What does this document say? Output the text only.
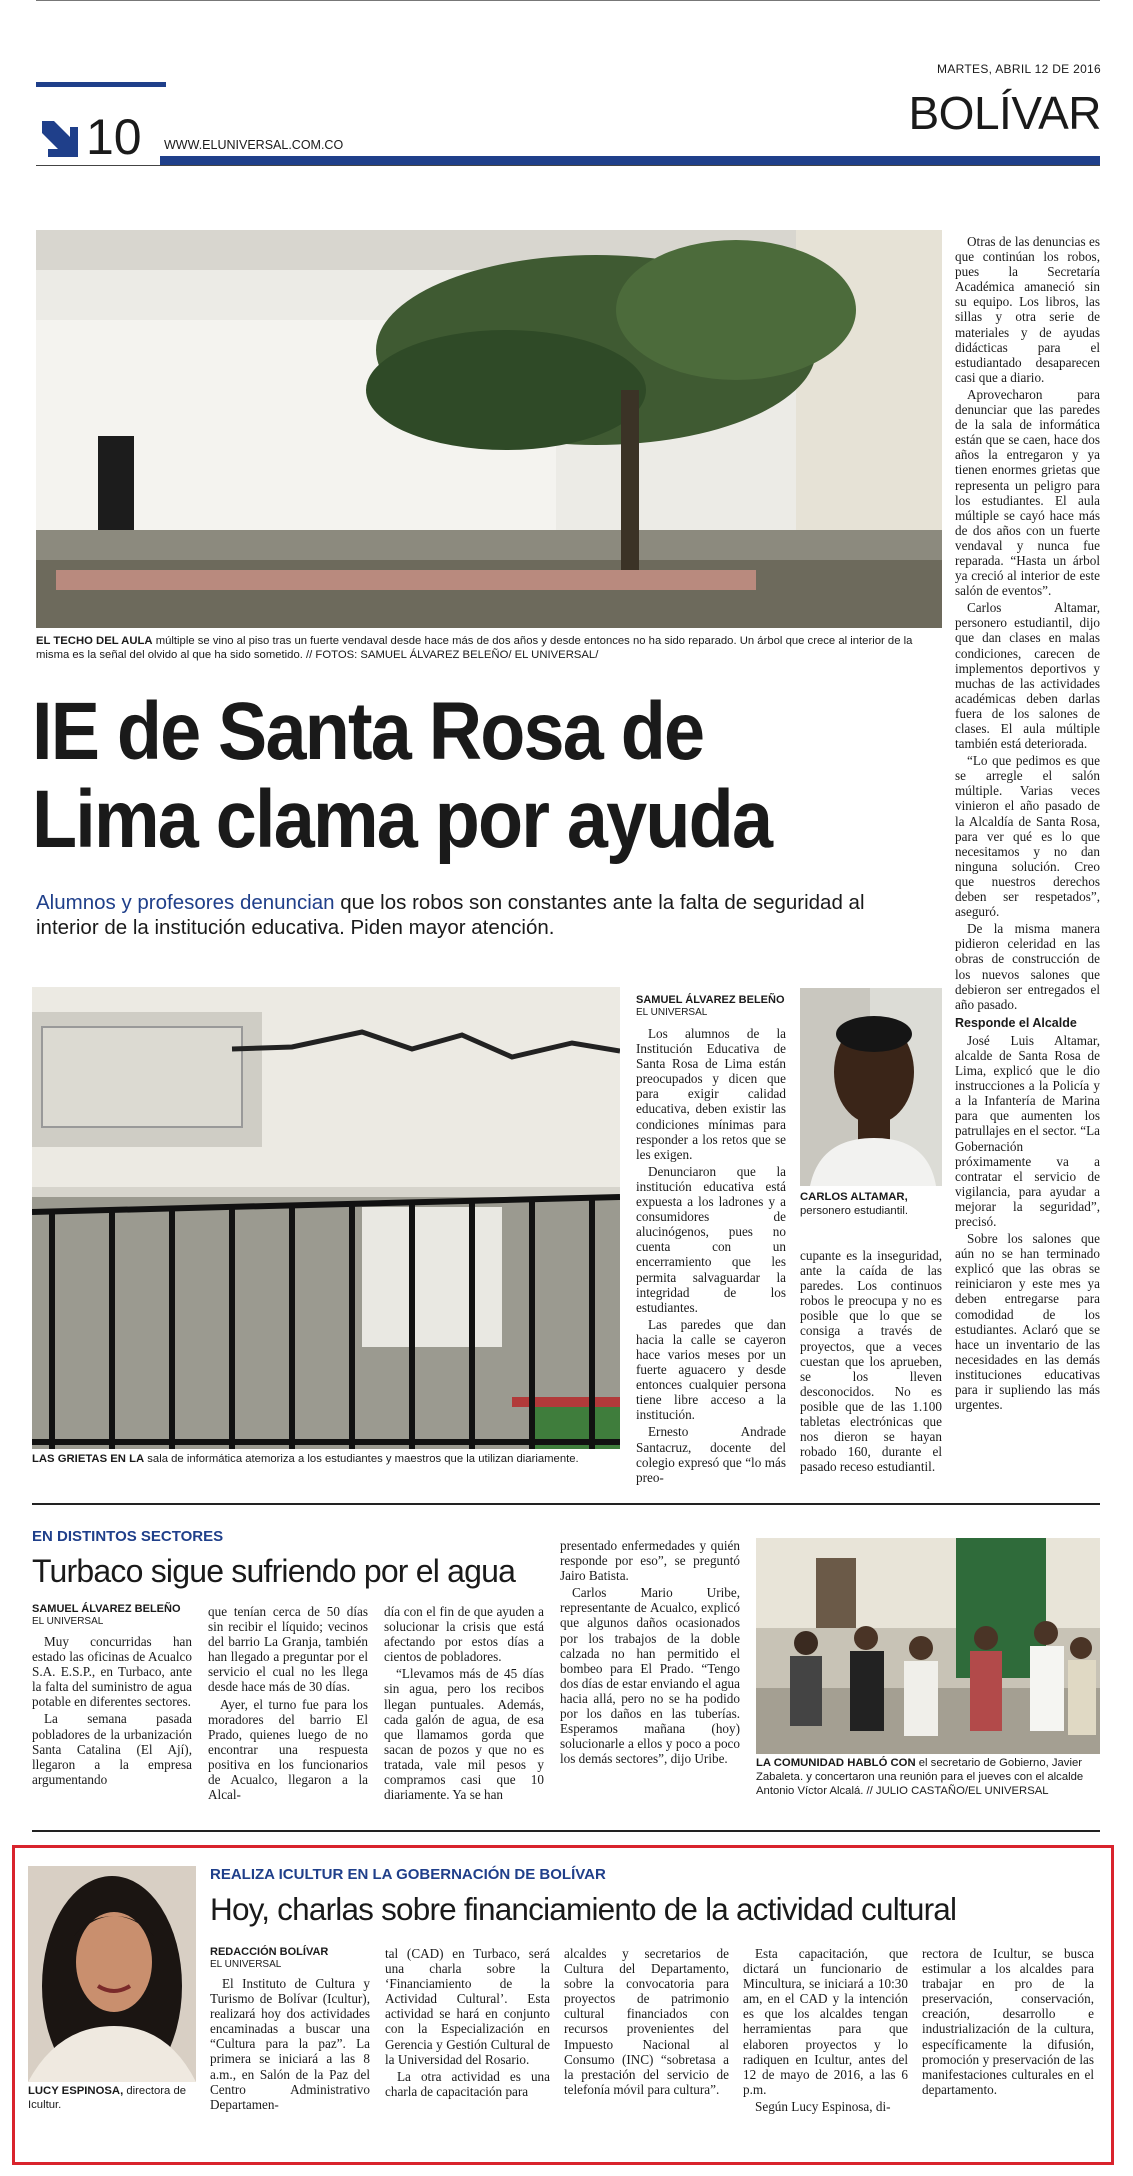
MARTES, ABRIL 12 DE 2016
BOLÍVAR
10 WWW.ELUNIVERSAL.COM.CO
EL TECHO DEL AULA múltiple se vino al piso tras un fuerte vendaval desde hace más de dos años y desde entonces no ha sido reparado. Un árbol que crece al interior de la misma es la señal del olvido al que ha sido sometido. // FOTOS: SAMUEL ÁLVAREZ BELEÑO/ EL UNIVERSAL/
IE de Santa Rosa de
Lima clama por ayuda
Alumnos y profesores denuncian que los robos son constantes ante la falta de seguridad al interior de la institución educativa. Piden mayor atención.
LAS GRIETAS EN LA sala de informática atemoriza a los estudiantes y maestros que la utilizan diariamente.
SAMUEL ÁLVAREZ BELEÑO
EL UNIVERSAL

Los alumnos de la Institución Educativa de Santa Rosa de Lima están preocupados y dicen que para exigir calidad educativa, deben existir las condiciones mínimas para responder a los retos que se les exigen.

Denunciaron que la institución educativa está expuesta a los ladrones y a consumidores de alucinógenos, pues no cuenta con un encerramiento que les permita salvaguardar la integridad de los estudiantes.

Las paredes que dan hacia la calle se cayeron hace varios meses por un fuerte aguacero y desde entonces cualquier persona tiene libre acceso a la institución.

Ernesto Andrade Santacruz, docente del colegio expresó que “lo más preo-

CARLOS ALTAMAR, personero estudiantil.

cupante es la inseguridad, ante la caída de las paredes. Los continuos robos le preocupa y no es posible que lo que se consiga a través de proyectos, que a veces cuestan que los aprueben, se los lleven desconocidos. No es posible que de las 1.100 tabletas electrónicas que nos dieron se hayan robado 160, durante el pasado receso estudiantil.

Otras de las denuncias es que continúan los robos, pues la Secretaría Académica amaneció sin su equipo. Los libros, las sillas y otra serie de materiales y de ayudas didácticas para el estudiantado desaparecen casi que a diario.

Aprovecharon para denunciar que las paredes de la sala de informática están que se caen, hace dos años la entregaron y ya tienen enormes grietas que representa un peligro para los estudiantes. El aula múltiple se cayó hace más de dos años con un fuerte vendaval y nunca fue reparada. “Hasta un árbol ya creció al interior de este salón de eventos”.

Carlos Altamar, personero estudiantil, dijo que dan clases en malas condiciones, carecen de implementos deportivos y muchas de las actividades académicas deben darlas fuera de los salones de clases. El aula múltiple también está deteriorada.

“Lo que pedimos es que se arregle el salón múltiple. Varias veces vinieron el año pasado de la Alcaldía de Santa Rosa, para ver qué es lo que necesitamos y no dan ninguna solución. Creo que nuestros derechos deben ser respetados”, aseguró.

De la misma manera pidieron celeridad en las obras de construcción de los nuevos salones que debieron ser entregados el año pasado.

Responde el Alcalde

José Luis Altamar, alcalde de Santa Rosa de Lima, explicó que le dio instrucciones a la Policía y a la Infantería de Marina para que aumenten los patrullajes en el sector. “La Gobernación próximamente va a contratar el servicio de vigilancia, para ayudar a mejorar la seguridad”, precisó.

Sobre los salones que aún no se han terminado explicó que las obras se reiniciaron y este mes ya deben entregarse para comodidad de los estudiantes. Aclaró que se hace un inventario de las necesidades en las demás instituciones educativas para ir supliendo las más urgentes.

EN DISTINTOS SECTORES
Turbaco sigue sufriendo por el agua
SAMUEL ÁLVAREZ BELEÑO
EL UNIVERSAL

Muy concurridas han estado las oficinas de Acualco S.A. E.S.P., en Turbaco, ante la falta del suministro de agua potable en diferentes sectores.

La semana pasada pobladores de la urbanización Santa Catalina (El Ají), llegaron a la empresa argumentando

que tenían cerca de 50 días sin recibir el líquido; vecinos del barrio La Granja, también han llegado a preguntar por el servicio el cual no les llega desde hace más de 30 días.

Ayer, el turno fue para los moradores del barrio El Prado, quienes luego de no encontrar una respuesta positiva en los funcionarios de Acualco, llegaron a la Alcal-

día con el fin de que ayuden a solucionar la crisis que está afectando por estos días a cientos de pobladores.

“Llevamos más de 45 días sin agua, pero los recibos llegan puntuales. Además, cada galón de agua, de esa que llamamos gorda que sacan de pozos y que no es tratada, vale mil pesos y compramos casi que 10 diariamente. Ya se han

presentado enfermedades y quién responde por eso”, se preguntó Jairo Batista.

Carlos Mario Uribe, representante de Acualco, explicó que algunos daños ocasionados por los trabajos de la doble calzada no han permitido el bombeo para El Prado. “Tengo dos días de estar enviando el agua hacia allá, pero no se ha podido por los daños en las tuberías. Esperamos mañana (hoy) solucionarle a ellos y poco a poco los demás sectores”, dijo Uribe.	LA COMUNIDAD HABLÓ CON el secretario de Gobierno, Javier Zabaleta. y concertaron una reunión para el jueves con el alcalde Antonio Víctor Alcalá. // JULIO CASTAÑO/EL UNIVERSAL
LUCY ESPINOSA, directora de Icultur.
REALIZA ICULTUR EN LA GOBERNACIÓN DE BOLÍVAR
Hoy, charlas sobre financiamiento de la actividad cultural
REDACCIÓN BOLÍVAR
EL UNIVERSAL

El Instituto de Cultura y Turismo de Bolívar (Icultur), realizará hoy dos actividades encaminadas a buscar una “Cultura para la paz”. La primera se iniciará a las 8 a.m., en Salón de la Paz del Centro Administrativo Departamen-

tal (CAD) en Turbaco, será una charla sobre la ‘Financiamiento de la Actividad Cultural’. Esta actividad se hará en conjunto con la Especialización en Gerencia y Gestión Cultural de la Universidad del Rosario.

La otra actividad es una charla de capacitación para

alcaldes y secretarios de Cultura del Departamento, sobre la convocatoria para proyectos de patrimonio cultural financiados con recursos provenientes del Impuesto Nacional al Consumo (INC) “sobretasa a la prestación del servicio de telefonía móvil para cultura”.

Esta capacitación, que dictará un funcionario de Mincultura, se iniciará a 10:30 am, en el CAD y la intención es que los alcaldes tengan herramientas para que elaboren proyectos y lo radiquen en Icultur, antes del 12 de mayo de 2016, a las 6 p.m.

Según Lucy Espinosa, di-

rectora de Icultur, se busca estimular a los alcaldes para trabajar en pro de la preservación, conservación, creación, desarrollo e industrialización de la cultura, específicamente la difusión, promoción y preservación de las manifestaciones culturales en el departamento.
